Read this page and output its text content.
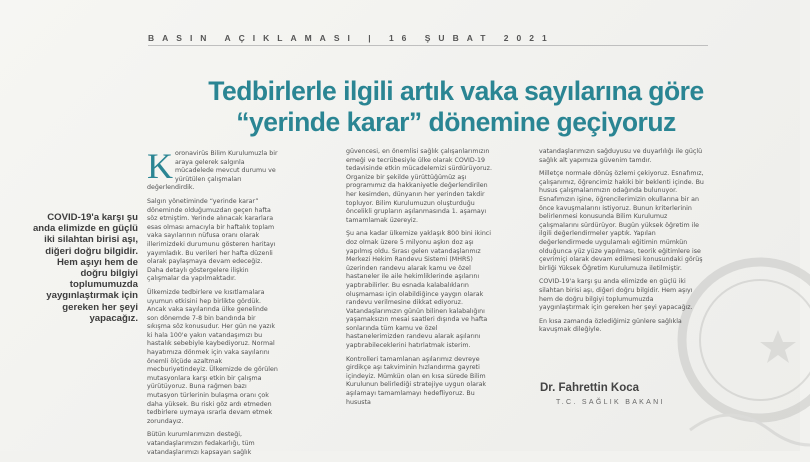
BASIN AÇIKLAMASI | 16 ŞUBAT 2021
Tedbirlerle ilgili artık vaka sayılarına göre
“yerinde karar” dönemine geçiyoruz
COVID-19'a karşı şu anda elimizde en güçlü iki silahtan birisi aşı, diğeri doğru bilgidir. Hem aşıyı hem de doğru bilgiyi toplumumuzda yaygınlaştırmak için gereken her şeyi yapacağız.

Koronavirüs Bilim Kurulumuzla bir araya gelerek salgınla mücadelede mevcut durumu ve yürütülen çalışmaları değerlendirdik.

Salgın yönetiminde “yerinde karar” döneminde olduğumuzdan geçen hafta söz etmiştim. Yerinde alınacak kararlara esas olması amacıyla bir haftalık toplam vaka sayılarının nüfusa oranı olarak illerimizdeki durumunu gösteren haritayı yayımladık. Bu verileri her hafta düzenli olarak paylaşmaya devam edeceğiz. Daha detaylı göstergelere ilişkin çalışmalar da yapılmaktadır.

Ülkemizde tedbirlere ve kısıtlamalara uyumun etkisini hep birlikte gördük. Ancak vaka sayılarında ülke genelinde son dönemde 7-8 bin bandında bir sıkışma söz konusudur. Her gün ne yazık ki hala 100'e yakın vatandaşımızı bu hastalık sebebiyle kaybediyoruz. Normal hayatımıza dönmek için vaka sayılarını önemli ölçüde azaltmak mecburiyetindeyiz. Ülkemizde de görülen mutasyonlara karşı etkin bir çalışma yürütüyoruz. Buna rağmen bazı mutasyon türlerinin bulaşma oranı çok daha yüksek. Bu riski göz ardı etmeden tedbirlere uymaya ısrarla devam etmek zorundayız.

Bütün kurumlarımızın desteği, vatandaşlarımızın fedakarlığı, tüm vatandaşlarımızı kapsayan sağlık

güvencesi, en önemlisi sağlık çalışanlarımızın emeği ve tecrübesiyle ülke olarak COVID-19 tedavisinde etkin mücadelemizi sürdürüyoruz. Organize bir şekilde yürüttüğümüz aşı programımız da hakkaniyetle değerlendirilen her kesimden, dünyanın her yerinden takdir topluyor. Bilim Kurulumuzun oluşturduğu öncelikli grupların aşılanmasında 1. aşamayı tamamlamak üzereyiz.

Şu ana kadar ülkemize yaklaşık 800 bini ikinci doz olmak üzere 5 milyonu aşkın doz aşı yapılmış oldu. Sırası gelen vatandaşlarımız Merkezi Hekim Randevu Sistemi (MHRS) üzerinden randevu alarak kamu ve özel hastaneler ile aile hekimliklerinde aşılarını yaptırabilirler. Bu esnada kalabalıkların oluşmaması için olabildiğince yaygın olarak randevu verilmesine dikkat ediyoruz. Vatandaşlarımızın günün bilinen kalabalığını yaşamaksızın mesai saatleri dışında ve hafta sonlarında tüm kamu ve özel hastanelerimizden randevu alarak aşılarını yaptırabileceklerini hatırlatmak isterim.

Kontrolleri tamamlanan aşılarımız devreye girdikçe aşı takviminin hızlandırma gayreti içindeyiz. Mümkün olan en kısa sürede Bilim Kurulunun belirlediği stratejiye uygun olarak aşılamayı tamamlamayı hedefliyoruz. Bu hususta

vatandaşlarımızın sağduyusu ve duyarlılığı ile güçlü sağlık alt yapımıza güvenim tamdır.

Milletçe normale dönüş özlemi çekiyoruz. Esnafımız, çalışanımız, öğrencimiz hakiki bir beklenti içinde. Bu husus çalışmalarımızın odağında bulunuyor. Esnafımızın işine, öğrencilerimizin okullarına bir an önce kavuşmalarını istiyoruz. Bunun kriterlerinin belirlenmesi konusunda Bilim Kurulumuz çalışmalarını sürdürüyor. Bugün yüksek öğretim ile ilgili değerlendirmeler yaptık. Yapılan değerlendirmede uygulamalı eğitimin mümkün olduğunca yüz yüze yapılması, teorik eğitimlere ise çevrimiçi olarak devam edilmesi konusundaki görüş birliği Yüksek Öğretim Kurulumuza iletilmiştir.

COVID-19'a karşı şu anda elimizde en güçlü iki silahtan birisi aşı, diğeri doğru bilgidir. Hem aşıyı hem de doğru bilgiyi toplumumuzda yaygınlaştırmak için gereken her şeyi yapacağız.

En kısa zamanda özlediğimiz günlere sağlıkla kavuşmak dileğiyle.

Dr. Fahrettin Koca
T.C. SAĞLIK BAKANI
